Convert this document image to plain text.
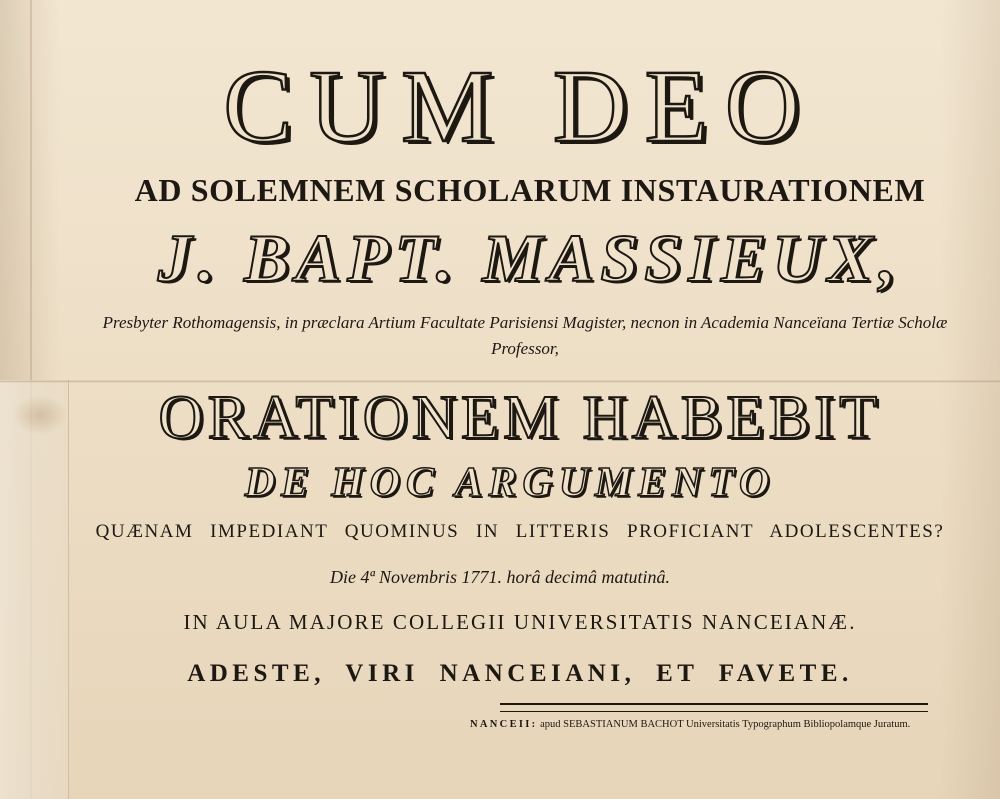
CUM DEO
AD SOLEMNEM SCHOLARUM INSTAURATIONEM
J. BAPT. MASSIEUX,
Presbyter Rothomagensis, in præclara Artium Facultate Parisiensi Magister, necnon in Academia Nanceïana Tertiæ Scholæ Professor,
ORATIONEM HABEBIT
DE HOC ARGUMENTO
QUÆNAM IMPEDIANT QUOMINUS IN LITTERIS PROFICIANT ADOLESCENTES?
Die 4ª Novembris 1771. horâ decimâ matutinâ.
IN AULA MAJORE COLLEGII UNIVERSITATIS NANCEIANÆ.
ADESTE, VIRI NANCEIANI, ET FAVETE.
NANCEII: apud SEBASTIANUM BACHOT Universitatis Typographum Bibliopolamque Juratum.
